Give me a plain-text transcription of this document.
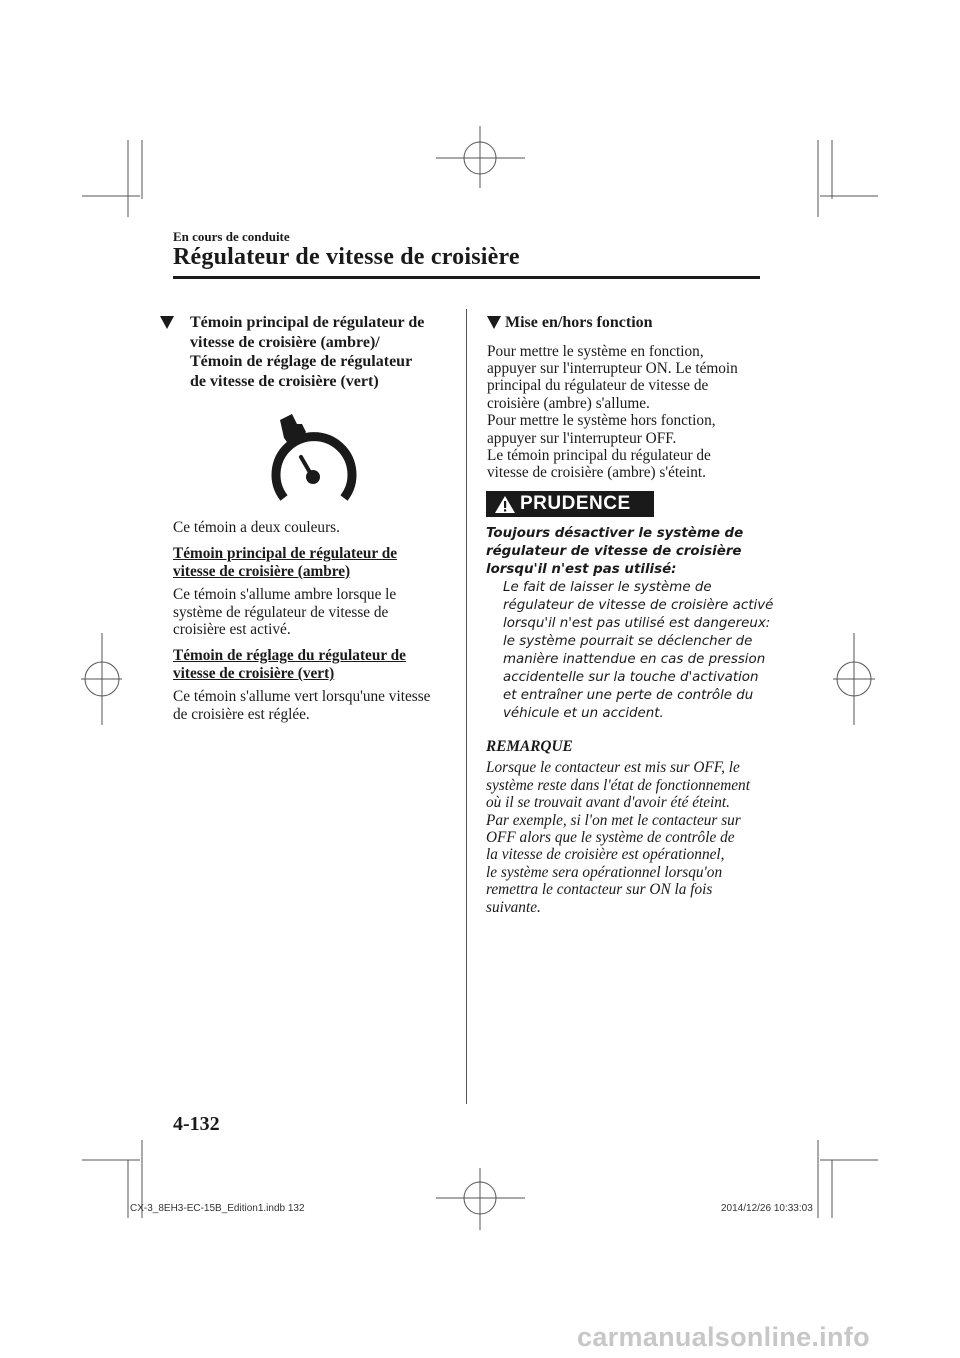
En cours de conduite
Régulateur de vitesse de croisière
Témoin principal de régulateur de
vitesse de croisière (ambre)/
Témoin de réglage de régulateur
de vitesse de croisière (vert)

Ce témoin a deux couleurs.

Témoin principal de régulateur de
vitesse de croisière (ambre)
Ce témoin s'allume ambre lorsque le
système de régulateur de vitesse de
croisière est activé.
Témoin de réglage du régulateur de
vitesse de croisière (vert)
Ce témoin s'allume vert lorsqu'une vitesse
de croisière est réglée.
Mise en/hors fonction
Pour mettre le système en fonction,
appuyer sur l'interrupteur ON. Le témoin
principal du régulateur de vitesse de
croisière (ambre) s'allume.
Pour mettre le système hors fonction,
appuyer sur l'interrupteur OFF.
Le témoin principal du régulateur de
vitesse de croisière (ambre) s'éteint.
PRUDENCE
Toujours désactiver le système de
régulateur de vitesse de croisière
lorsqu'il n'est pas utilisé:
Le fait de laisser le système de
régulateur de vitesse de croisière activé
lorsqu'il n'est pas utilisé est dangereux:
le système pourrait se déclencher de
manière inattendue en cas de pression
accidentelle sur la touche d'activation
et entraîner une perte de contrôle du
véhicule et un accident.
REMARQUE
Lorsque le contacteur est mis sur OFF, le
système reste dans l'état de fonctionnement
où il se trouvait avant d'avoir été éteint.
Par exemple, si l'on met le contacteur sur
OFF alors que le système de contrôle de
la vitesse de croisière est opérationnel,
le système sera opérationnel lorsqu'on
remettra le contacteur sur ON la fois
suivante.
4-132
CX-3_8EH3-EC-15B_Edition1.indb 132	2014/12/26 10:33:03
carmanualsonline.info
